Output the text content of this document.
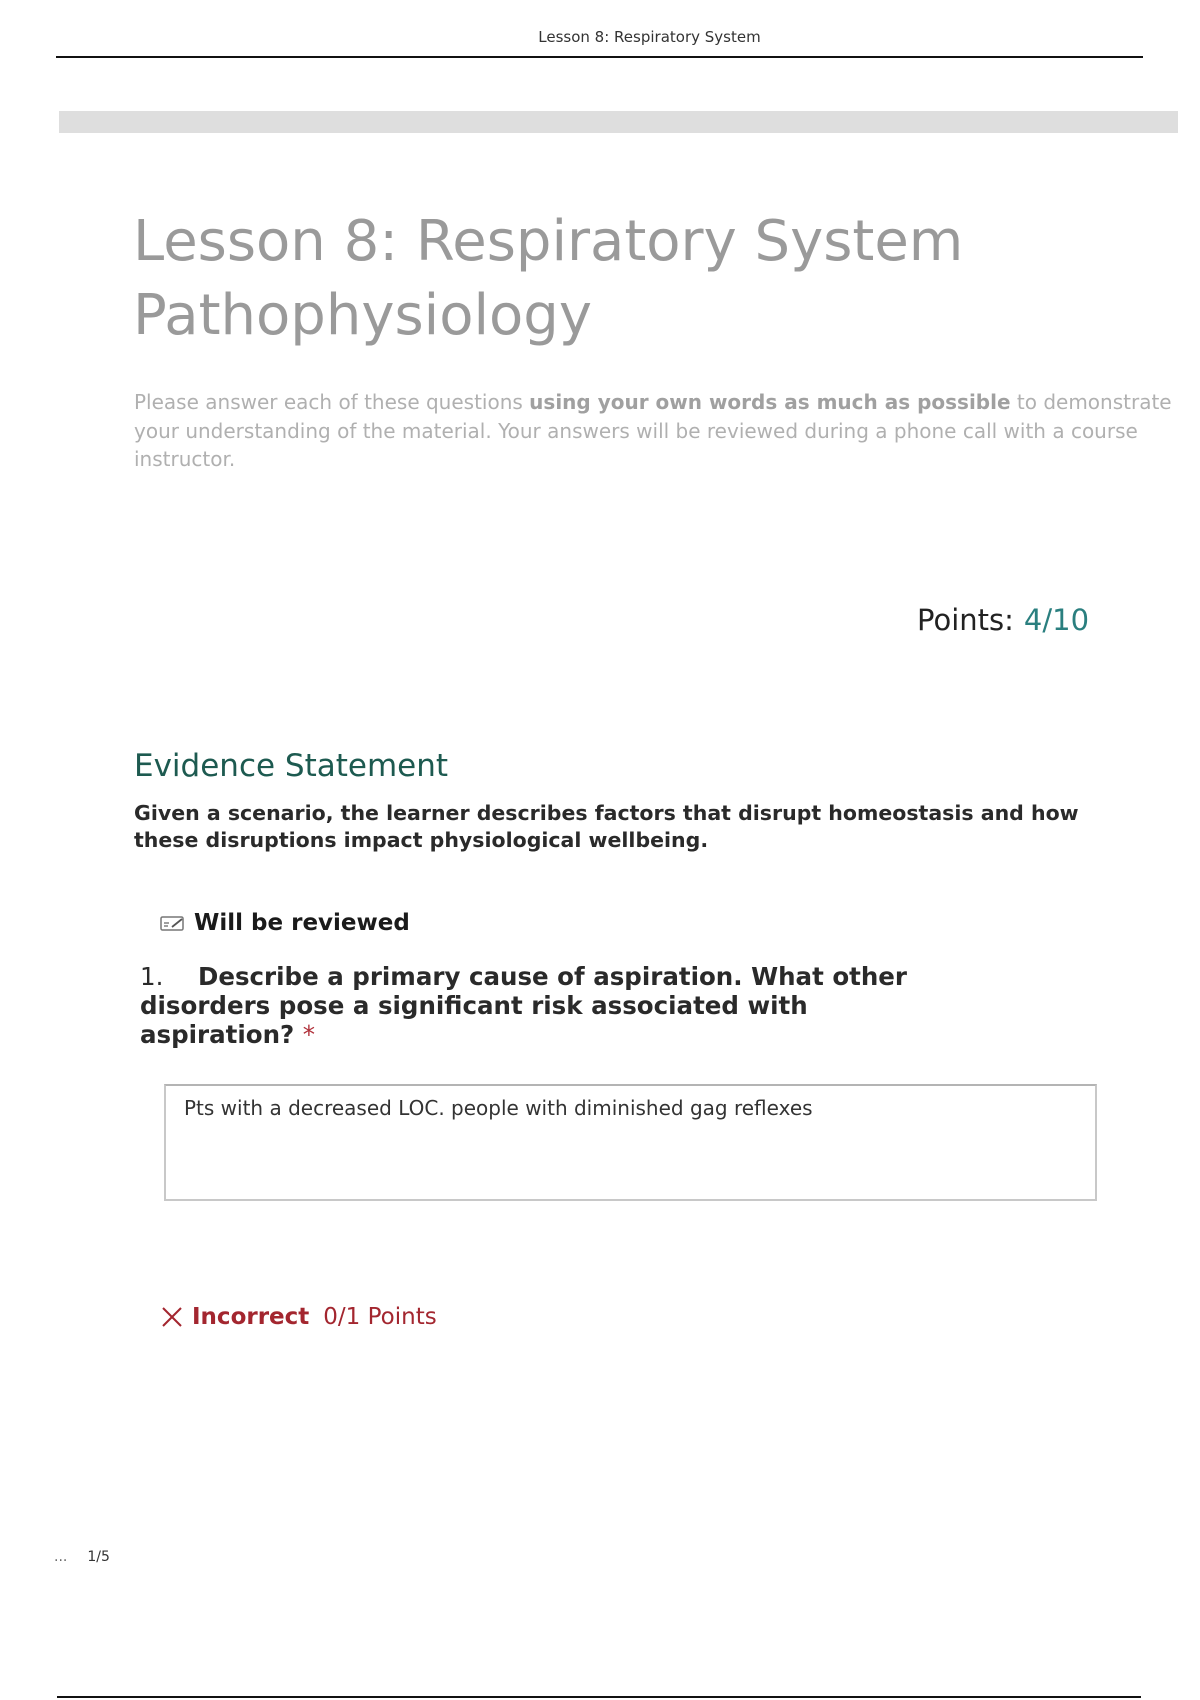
Lesson 8: Respiratory System
Lesson 8: Respiratory System Pathophysiology
Please answer each of these questions using your own words as much as possible to demonstrate your understanding of the material. Your answers will be reviewed during a phone call with a course instructor.
Points: 4/10
Evidence Statement
Given a scenario, the learner describes factors that disrupt homeostasis and how these disruptions impact physiological wellbeing.
Will be reviewed
1. Describe a primary cause of aspiration. What other disorders pose a significant risk associated with aspiration? *
Pts with a decreased LOC. people with diminished gag reflexes
Incorrect 0/1 Points
... 1/5
